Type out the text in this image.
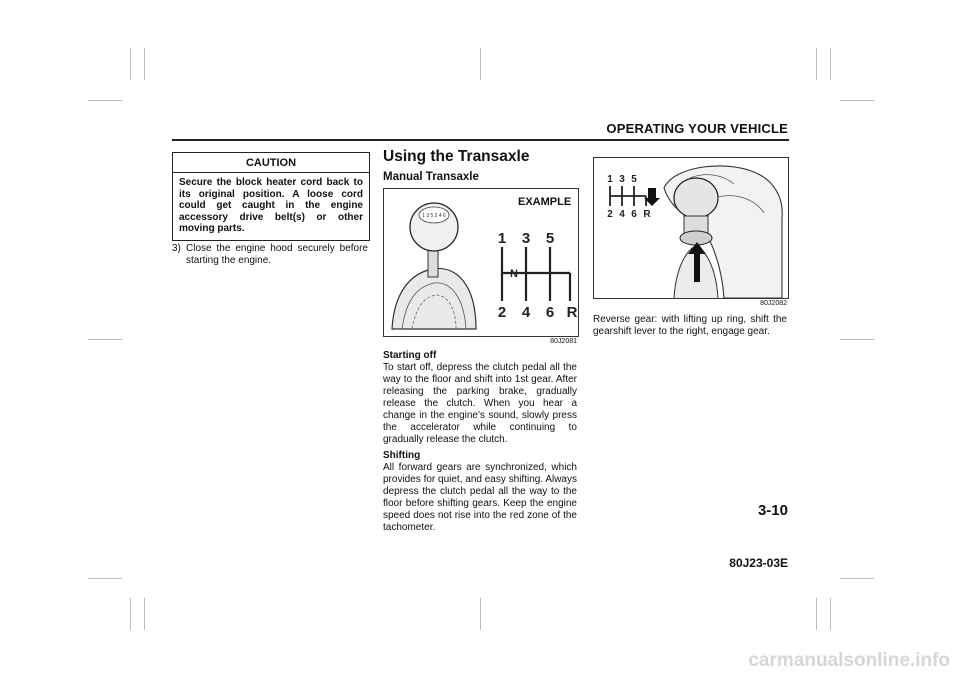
OPERATING YOUR VEHICLE
CAUTION
Secure the block heater cord back to its original position. A loose cord could get caught in the engine accessory drive belt(s) or other moving parts.
3) Close the engine hood securely before starting the engine.
Using the Transaxle
Manual Transaxle
1 3 5 2 4 6
EXAMPLE
1 3 5
2 4 6 R
N
80J2081
Starting off
To start off, depress the clutch pedal all the way to the floor and shift into 1st gear. After releasing the parking brake, gradually release the clutch. When you hear a change in the engine's sound, slowly press the accelerator while continuing to gradually release the clutch.
Shifting
All forward gears are synchronized, which provides for quiet, and easy shifting. Always depress the clutch pedal all the way to the floor before shifting gears. Keep the engine speed does not rise into the red zone of the tachometer.
1 3 5
2 4 6 R
80J2082
Reverse gear: with lifting up ring, shift the gearshift lever to the right, engage gear.
3-10
80J23-03E
carmanualsonline.info
